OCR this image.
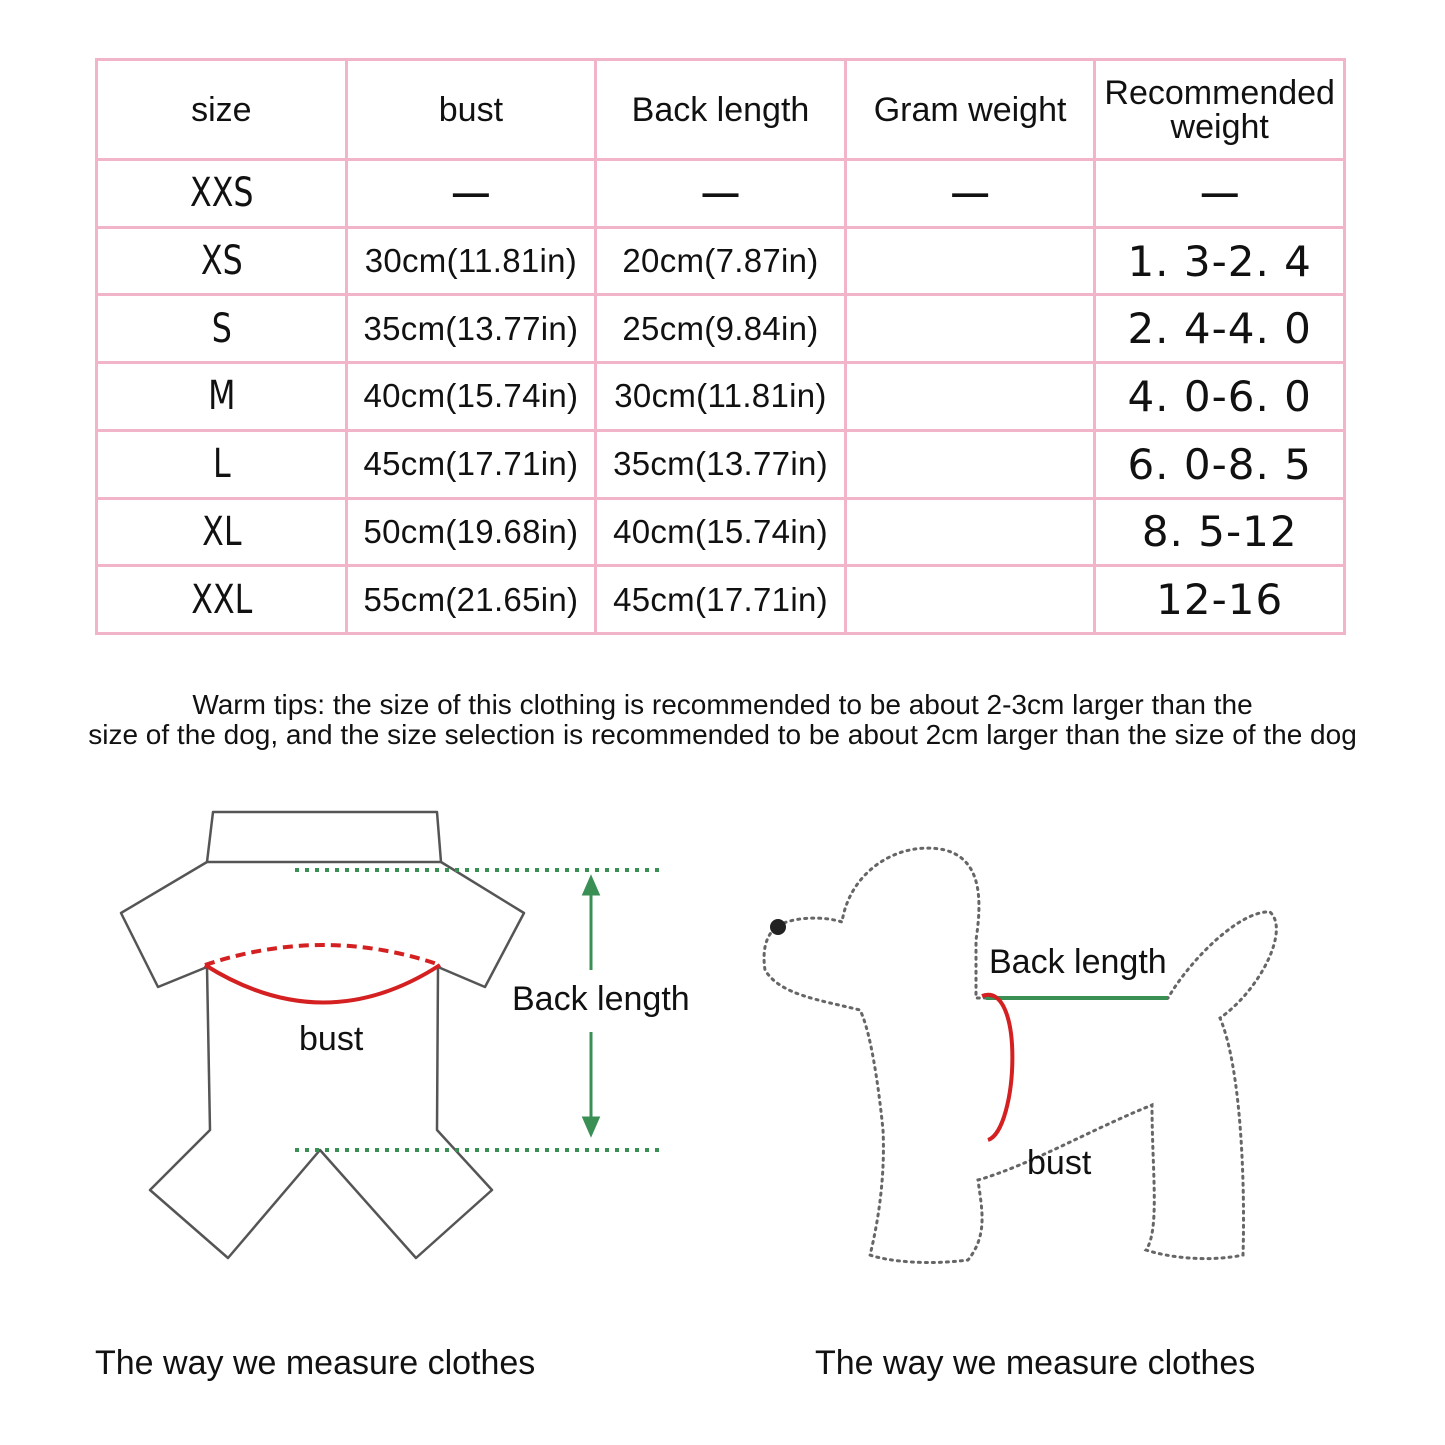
size	bust	Back length	Gram weight	Recommended weight
XXS	—	—	—	—
XS	30cm(11.81in)	20cm(7.87in)		1. 3-2. 4
S	35cm(13.77in)	25cm(9.84in)		2. 4-4. 0
M	40cm(15.74in)	30cm(11.81in)		4. 0-6. 0
L	45cm(17.71in)	35cm(13.77in)		6. 0-8. 5
XL	50cm(19.68in)	40cm(15.74in)		8. 5-12
XXL	55cm(21.65in)	45cm(17.71in)		12-16
Warm tips: the size of this clothing is recommended to be about 2-3cm larger than the
size of the dog, and the size selection is recommended to be about 2cm larger than the size of the dog
bust
Back length
Back length
bust
The way we measure clothes	The way we measure clothes
